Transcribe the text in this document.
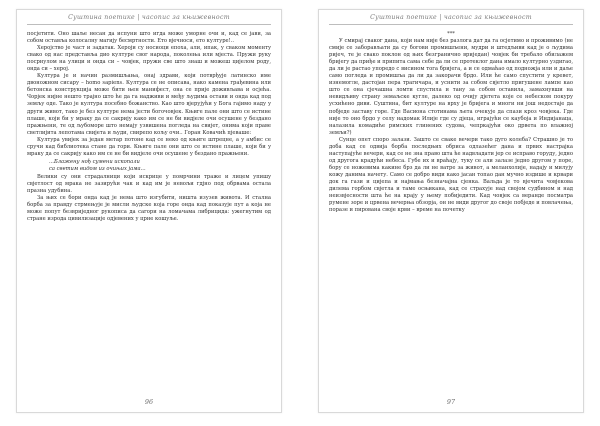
Суштина поетике | часопис за књижевност

посјетити. Оно шаље несан да испуни што игда може уморне очи и, кад се јави, за собом оставља колосалну магију бесмртности. Ето вјечноcи, ето културе!..

Херојство је част и задатак. Хероји су носиоци епоха, али, ипак, у сваком моменту свако од нас представља дио културе свог народа, поколења или мјеста. Пружи руку посрнулом на улици и онда си – човјек, пружи све што знаш и можеш цијелом роду, онда си – херој.

Култура је и начин размишљања, онај здрави, који потврђује латинско име двоножном сисару – homo sapiens. Култура се не описава, нако камена грађевина или бетонска конструкција може бити њен манифест, она се прије доживљава и осјећа. Чорјек нијне нешто трајно што ће да га надживи и међу људима остави и онда кад под земљу оде. Тако је култура посебно божанство. Као што вјерујући у Бога гајимо наду у други живот, тако је без културе нема јести богочовјек. Књиге пале они што се истине плаше, који би у мраку да се сакрију како им се не би видјеле очи осушене у бездано пражњени, те од љубоморе што немају узвишена погледа на свијет, онима који праве светлијита лепотама свијета и људи, свирепо кољу очи.. Горан Ковачић пјеваше:

Култура увијек за један метар потоне кад се неко од књиге штрецне, а у амбис се сручи кад библиотека стане да гори. Књиге пале они што се истине плаше, који би у мраку да се сакрију како им се не би видјеле очи осушене у бездано пражњени.

...Блажену нођ сумени ископали
са светим видом из очињих јама...

Велики су они страдалници који искрице у помрчини траже и лицем упишу свјетлост од мрака не зазирући чак и кад им је невољи гдјно под обрвама остала празна удубина.

За њих се бори онда кад је нема што изгубити, ништа изузев живота. И стална борба за правду стрмењује је мисли људске која горе онда кад показује пут а која не може попут безвриједног рукописа да сагори на ломачама либрицида: ужегнутим од стране изрода цивилизације одјевених у црне кошуље.

96
Суштина поетике | часопис за књижевност
***

У смирај сваког дана, који нам није без разлога дат да га осјетимо и проживимо (не смије се заборављати да су богови промишљени, мудри и штедљиви кад је о људима ријеч, те је свако поклон од њих безгранично вриједан) човјек би требало обилажем бријегу да приђе и припита сама себе да ли се протеклог дана имало културно уздигао, да ли је растао упоредо с висином тога бријега, а и се одмаћао од подножја или и даље само погледа и промишља да ли да закорачи брдо. Или ће само спустити у кревет, изнемогле, дастојан пера трагичара, и уснити за собом свјетло пригушене лампе као што се она сјечашна ломти спустила и тану за собом оставила, замахнувши на невидљиву страну земаљске кугле, далеко од очију дјетета које се небеском покуру усхићено диви. Суштина, бит културе на врху је бријега и многи ни још недостаје да побједе заставу горе. Где Васиона стотинама љета очекује да спази кроз човјека. Где није то оно брдо у селу надомак Илије где су дјеца, играјући се каубоја и Индијанаца, налазила комадиће римских глинених судова, чепркајући око дрвета по влажној земљи?)

Сунце опет споро залази. Зашто се сваке вечери тако дуго колеба? Страшно је то доба кад се одвија борба последњих обриса одлазећег дана и првих настрајка наступајуће вечери, кад се не зна право шта ће надвладати јер се исправо горуду, једно од другога крадући небеса. Губе их и враћају, тукy се али залазе једно другом у поре, бору се ножевима какине брз да ли не ватре за живот, а меланхолије, надају и милују кожу данима начету. Само се добро види како јасан топао дан мучно издише и крвари док га гази и цијепа и најмања безначајна сјенка. Вальда је то вјечита човјекова дилема горбом свјетла и таме осњикана, кад се страхује над својом судбином и над неизвјесности шта ће на крају у њему побиједити. Кад човјек са веранде посматра румене зоре и црвена вечерња обзорја, он не види другог до своје побједе и повлачења, поразе и пирована своје крви – време на почетку

97
